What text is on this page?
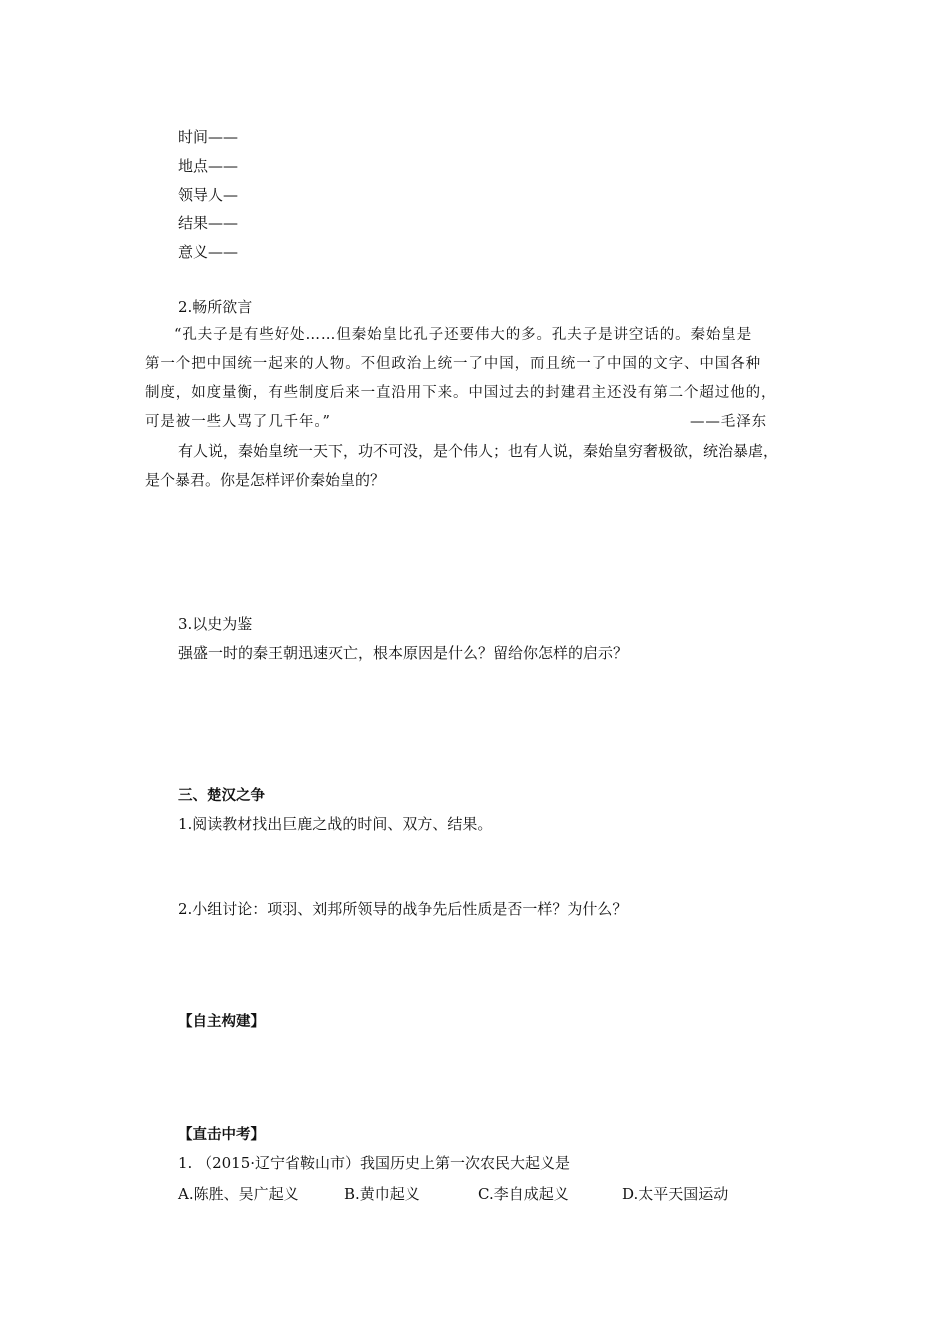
时间——
地点——
领导人—
结果——
意义——
2.畅所欲言
“孔夫子是有些好处……但秦始皇比孔子还要伟大的多。孔夫子是讲空话的。秦始皇是
第一个把中国统一起来的人物。不但政治上统一了中国，而且统一了中国的文字、中国各种
制度，如度量衡，有些制度后来一直沿用下来。中国过去的封建君主还没有第二个超过他的，
可是被一些人骂了几千年。”	——毛泽东
有人说，秦始皇统一天下，功不可没，是个伟人；也有人说，秦始皇穷奢极欲，统治暴虐，
是个暴君。你是怎样评价秦始皇的？
3.以史为鉴
强盛一时的秦王朝迅速灭亡，根本原因是什么？留给你怎样的启示？
三、楚汉之争
1.阅读教材找出巨鹿之战的时间、双方、结果。
2.小组讨论：项羽、刘邦所领导的战争先后性质是否一样？为什么？
【自主构建】
【直击中考】
1. （2015·辽宁省鞍山市）我国历史上第一次农民大起义是
A.陈胜、吴广起义	B.黄巾起义	C.李自成起义	D.太平天国运动
